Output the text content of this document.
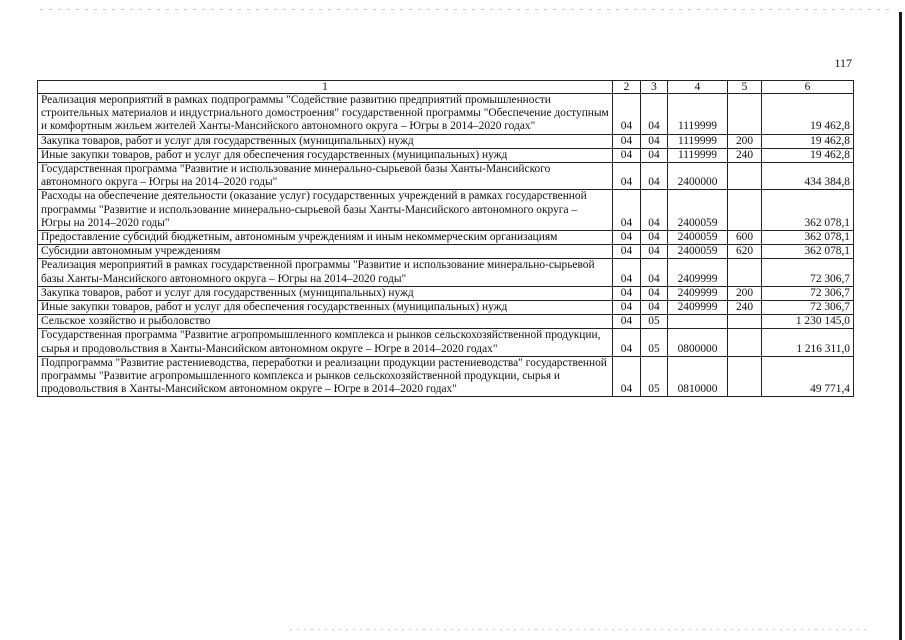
117
1	2	3	4	5	6
Реализация мероприятий в рамках подпрограммы "Содействие развитию предприятий промышленности строительных материалов и индустриального домостроения" государственной программы "Обеспечение доступным и комфортным жильем жителей Ханты-Мансийского автономного округа – Югры в 2014–2020 годах"	04	04	1119999		19 462,8
Закупка товаров, работ и услуг для государственных (муниципальных) нужд	04	04	1119999	200	19 462,8
Иные закупки товаров, работ и услуг для обеспечения государственных (муниципальных) нужд	04	04	1119999	240	19 462,8
Государственная программа "Развитие и использование минерально-сырьевой базы Ханты-Мансийского автономного округа – Югры на 2014–2020 годы"	04	04	2400000		434 384,8
Расходы на обеспечение деятельности (оказание услуг) государственных учреждений в рамках государственной программы "Развитие и использование минерально-сырьевой базы Ханты-Мансийского автономного округа – Югры на 2014–2020 годы"	04	04	2400059		362 078,1
Предоставление субсидий бюджетным, автономным учреждениям и иным некоммерческим организациям	04	04	2400059	600	362 078,1
Субсидии автономным учреждениям	04	04	2400059	620	362 078,1
Реализация мероприятий в рамках государственной программы "Развитие и использование минерально-сырьевой базы Ханты-Мансийского автономного округа – Югры на 2014–2020 годы"	04	04	2409999		72 306,7
Закупка товаров, работ и услуг для государственных (муниципальных) нужд	04	04	2409999	200	72 306,7
Иные закупки товаров, работ и услуг для обеспечения государственных (муниципальных) нужд	04	04	2409999	240	72 306,7
Сельское хозяйство и рыболовство	04	05			1 230 145,0
Государственная программа "Развитие агропромышленного комплекса и рынков сельскохозяйственной продукции, сырья и продовольствия в Ханты-Мансийском автономном округе – Югре в 2014–2020 годах"	04	05	0800000		1 216 311,0
Подпрограмма "Развитие растениеводства, переработки и реализации продукции растениеводства" государственной программы "Развитие агропромышленного комплекса и рынков сельскохозяйственной продукции, сырья и продовольствия в Ханты-Мансийском автономном округе – Югре в 2014–2020 годах"	04	05	0810000		49 771,4
